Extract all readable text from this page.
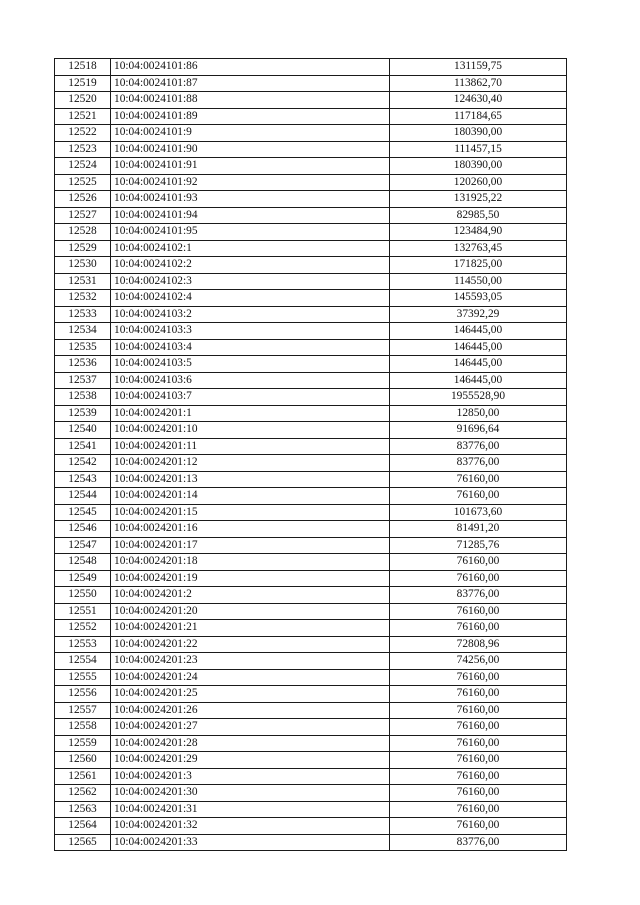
12518	10:04:0024101:86	131159,75
12519	10:04:0024101:87	113862,70
12520	10:04:0024101:88	124630,40
12521	10:04:0024101:89	117184,65
12522	10:04:0024101:9	180390,00
12523	10:04:0024101:90	111457,15
12524	10:04:0024101:91	180390,00
12525	10:04:0024101:92	120260,00
12526	10:04:0024101:93	131925,22
12527	10:04:0024101:94	82985,50
12528	10:04:0024101:95	123484,90
12529	10:04:0024102:1	132763,45
12530	10:04:0024102:2	171825,00
12531	10:04:0024102:3	114550,00
12532	10:04:0024102:4	145593,05
12533	10:04:0024103:2	37392,29
12534	10:04:0024103:3	146445,00
12535	10:04:0024103:4	146445,00
12536	10:04:0024103:5	146445,00
12537	10:04:0024103:6	146445,00
12538	10:04:0024103:7	1955528,90
12539	10:04:0024201:1	12850,00
12540	10:04:0024201:10	91696,64
12541	10:04:0024201:11	83776,00
12542	10:04:0024201:12	83776,00
12543	10:04:0024201:13	76160,00
12544	10:04:0024201:14	76160,00
12545	10:04:0024201:15	101673,60
12546	10:04:0024201:16	81491,20
12547	10:04:0024201:17	71285,76
12548	10:04:0024201:18	76160,00
12549	10:04:0024201:19	76160,00
12550	10:04:0024201:2	83776,00
12551	10:04:0024201:20	76160,00
12552	10:04:0024201:21	76160,00
12553	10:04:0024201:22	72808,96
12554	10:04:0024201:23	74256,00
12555	10:04:0024201:24	76160,00
12556	10:04:0024201:25	76160,00
12557	10:04:0024201:26	76160,00
12558	10:04:0024201:27	76160,00
12559	10:04:0024201:28	76160,00
12560	10:04:0024201:29	76160,00
12561	10:04:0024201:3	76160,00
12562	10:04:0024201:30	76160,00
12563	10:04:0024201:31	76160,00
12564	10:04:0024201:32	76160,00
12565	10:04:0024201:33	83776,00
